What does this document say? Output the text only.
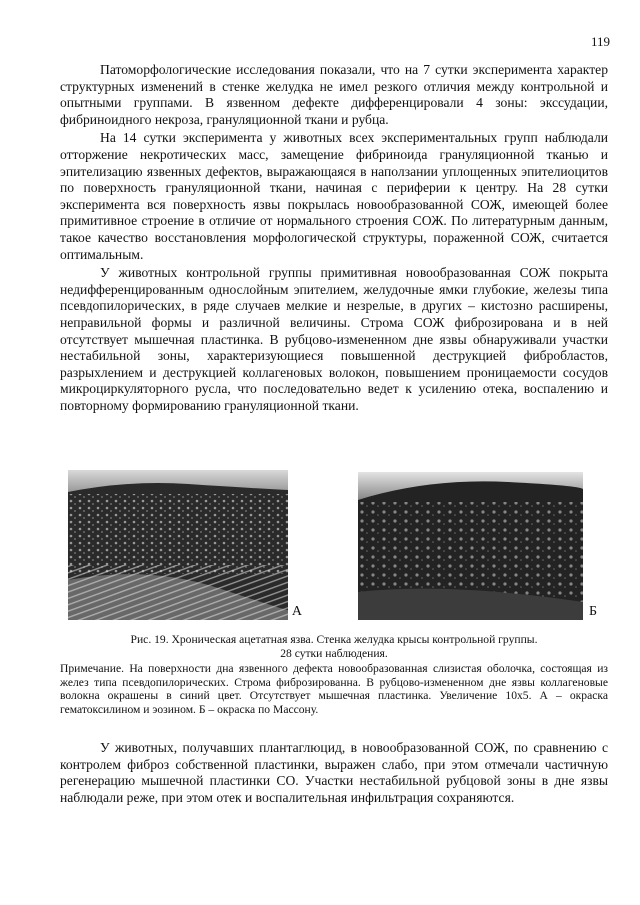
119

Патоморфологические исследования показали, что на 7 сутки эксперимента характер структурных изменений в стенке желудка не имел резкого отличия между контрольной и опытными группами. В язвенном дефекте дифференцировали 4 зоны: экссудации, фибриноидного некроза, грануляционной ткани и рубца.

На 14 сутки эксперимента у животных всех экспериментальных групп наблюдали отторжение некротических масс, замещение фибриноида грануляционной тканью и эпителизацию язвенных дефектов, выражающаяся в наползании уплощенных эпителиоцитов по поверхность грануляционной ткани, начиная с периферии к центру. На 28 сутки эксперимента вся поверхность язвы покрылась новообразованной СОЖ, имеющей более примитивное строение в отличие от нормального строения СОЖ. По литературным данным, такое качество восстановления морфологической структуры, пораженной СОЖ, считается оптимальным.

У животных контрольной группы примитивная новообразованная СОЖ покрыта недифференцированным однослойным эпителием, желудочные ямки глубокие, железы типа псевдопилорических, в ряде случаев мелкие и незрелые, в других – кистозно расширены, неправильной формы и различной величины. Строма СОЖ фиброзирована и в ней отсутствует мышечная пластинка. В рубцово-измененном дне язвы обнаруживали участки нестабильной зоны, характеризующиеся повышенной деструкцией фибробластов, разрыхлением и деструкцией коллагеновых волокон, повышением проницаемости сосудов микроциркуляторного русла, что последовательно ведет к усилению отека, воспалению и повторному формированию грануляционной ткани.

А	Б
Рис. 19. Хроническая ацетатная язва. Стенка желудка крысы контрольной группы.
28 сутки наблюдения.
Примечание. На поверхности дна язвенного дефекта новообразованная слизистая оболочка, состоящая из желез типа псевдопилорических. Строма фиброзированна. В рубцово-измененном дне язвы коллагеновые волокна окрашены в синий цвет. Отсутствует мышечная пластинка. Увеличение 10х5. А – окраска гематоксилином и эозином. Б – окраска по Массону.

У животных, получавших плантаглюцид, в новообразованной СОЖ, по сравнению с контролем фиброз собственной пластинки, выражен слабо, при этом отмечали частичную регенерацию мышечной пластинки СО. Участки нестабильной рубцовой зоны в дне язвы наблюдали реже, при этом отек и воспалительная инфильтрация сохраняются.
